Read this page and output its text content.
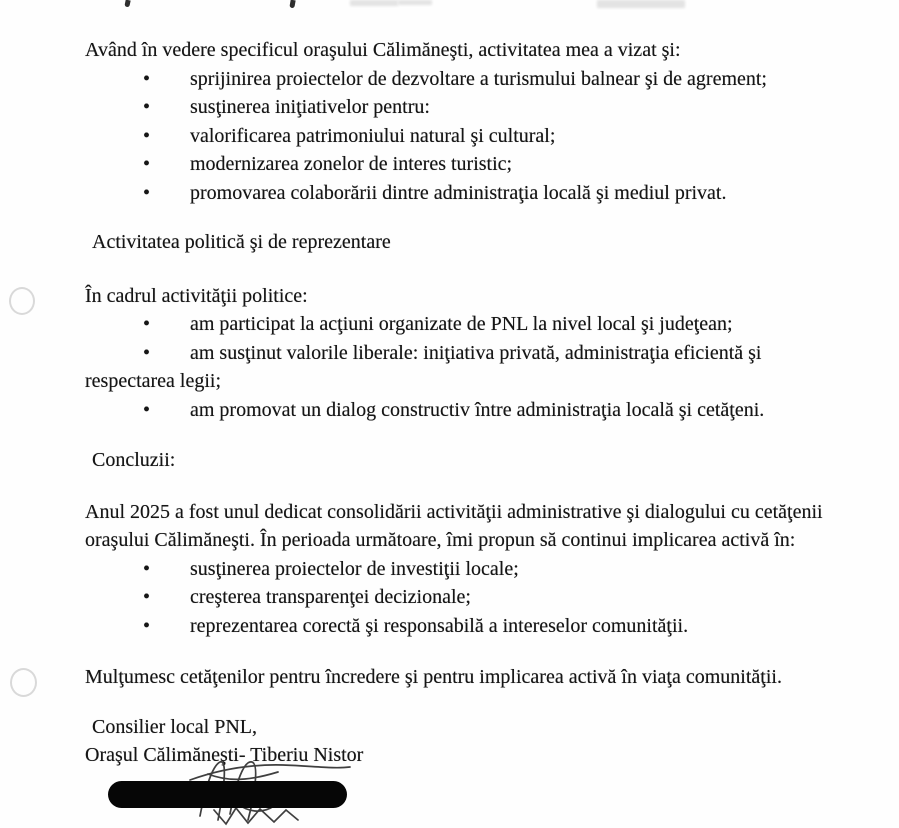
Având în vedere specificul oraşului Călimăneşti, activitatea mea a vizat şi:
•	sprijinirea proiectelor de dezvoltare a turismului balnear şi de agrement;
•	susţinerea iniţiativelor pentru:
•	valorificarea patrimoniului natural şi cultural;
•	modernizarea zonelor de interes turistic;
•	promovarea colaborării dintre administraţia locală şi mediul privat.
Activitatea politică şi de reprezentare
În cadrul activităţii politice:
•	am participat la acţiuni organizate de PNL la nivel local şi judeţean;
•	am susţinut valorile liberale: iniţiativa privată, administraţia eficientă şi
respectarea legii;
•	am promovat un dialog constructiv între administraţia locală şi cetăţeni.
Concluzii:
Anul 2025 a fost unul dedicat consolidării activităţii administrative şi dialogului cu cetăţenii
oraşului Călimăneşti. În perioada următoare, îmi propun să continui implicarea activă în:
•	susţinerea proiectelor de investiţii locale;
•	creşterea transparenţei decizionale;
•	reprezentarea corectă şi responsabilă a intereselor comunităţii.
Mulţumesc cetăţenilor pentru încredere şi pentru implicarea activă în viaţa comunităţii.
Consilier local PNL,
Oraşul Călimăneşti- Tiberiu Nistor
